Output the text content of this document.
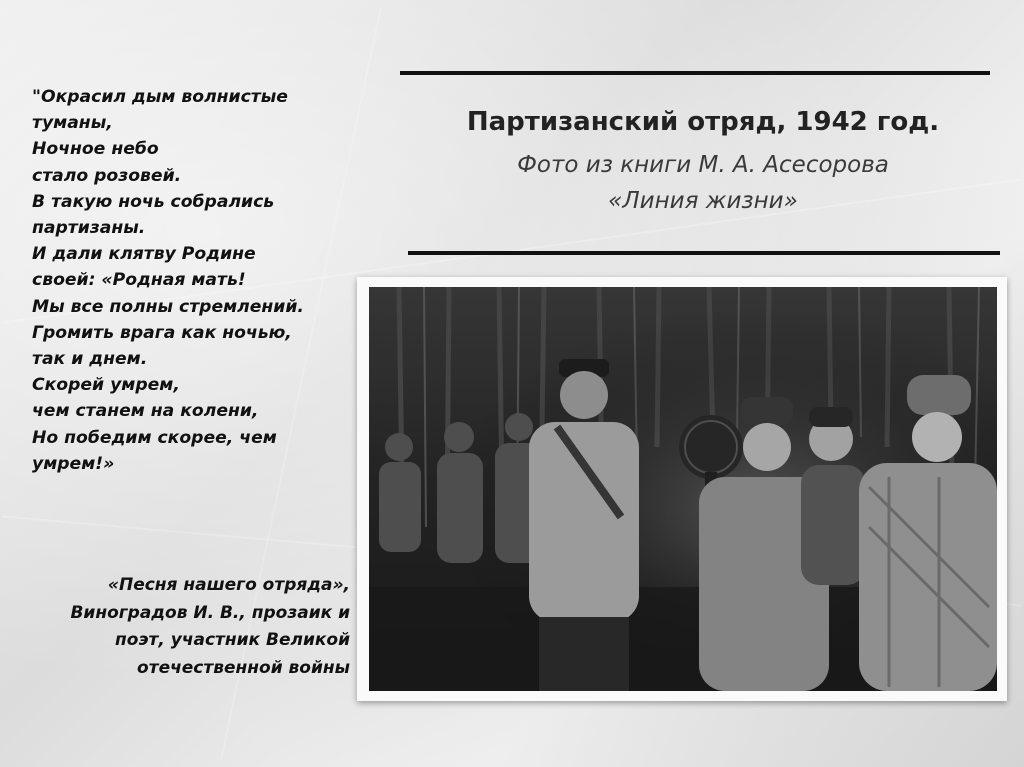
"Окрасил дым волнистые
туманы,
Ночное небо
стало розовей.
В такую ночь собрались
партизаны.
И дали клятву Родине
своей: «Родная мать!
Мы все полны стремлений.
Громить врага как ночью,
так и днем.
Скорей умрем,
чем станем на колени,
Но победим скорее, чем
умрем!»
«Песня нашего отряда»,
Виноградов И. В., прозаик и
поэт, участник Великой
отечественной войны
Партизанский отряд, 1942 год.
Фото из книги М. А. Асесорова
«Линия жизни»
